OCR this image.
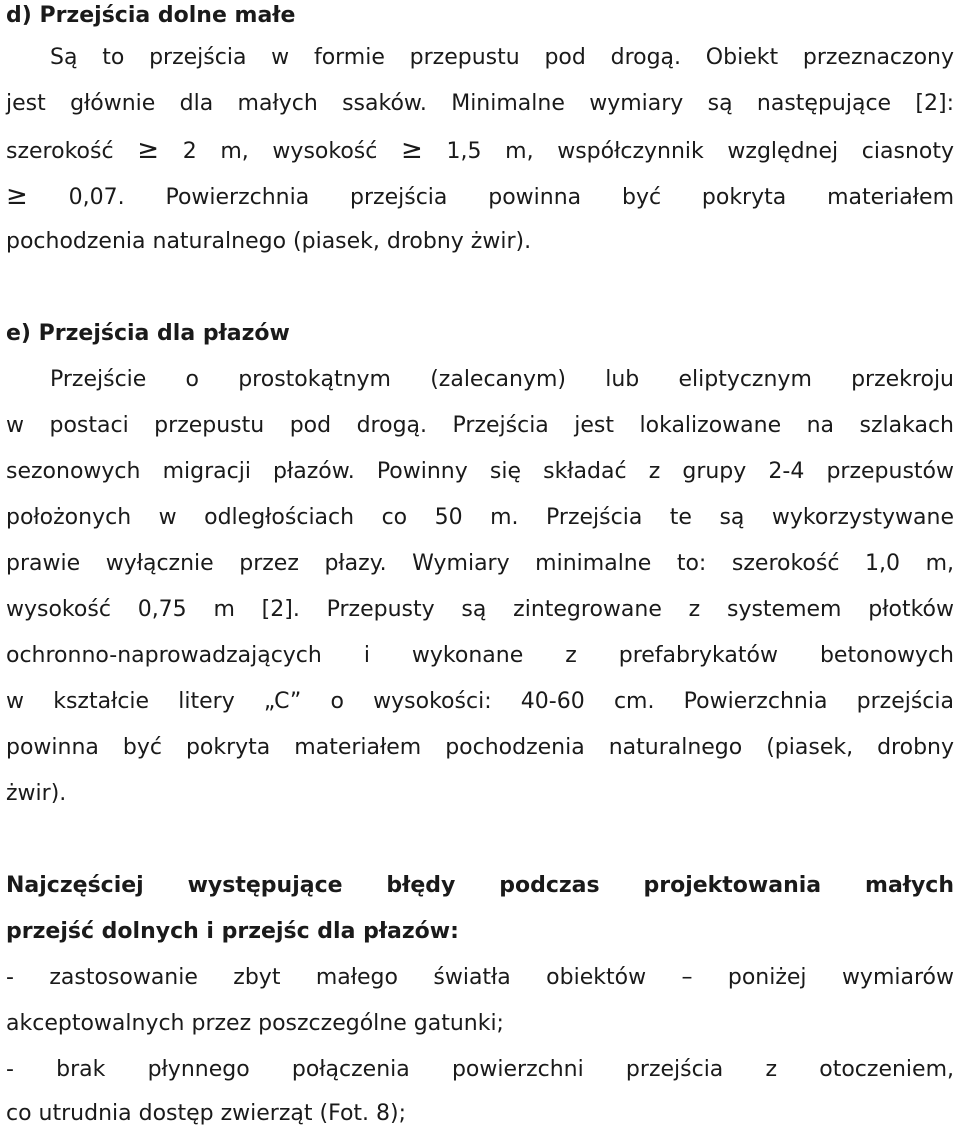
d) Przejścia dolne małe
Są to przejścia w formie przepustu pod drogą. Obiekt przeznaczony
jest głównie dla małych ssaków. Minimalne wymiary są następujące [2]:
szerokość ≥ 2 m, wysokość ≥ 1,5 m, współczynnik względnej ciasnoty
≥ 0,07. Powierzchnia przejścia powinna być pokryta materiałem
pochodzenia naturalnego (piasek, drobny żwir).
e) Przejścia dla płazów
Przejście o prostokątnym (zalecanym) lub eliptycznym przekroju
w postaci przepustu pod drogą. Przejścia jest lokalizowane na szlakach
sezonowych migracji płazów. Powinny się składać z grupy 2-4 przepustów
położonych w odległościach co 50 m. Przejścia te są wykorzystywane
prawie wyłącznie przez płazy. Wymiary minimalne to: szerokość 1,0 m,
wysokość 0,75 m [2]. Przepusty są zintegrowane z systemem płotków
ochronno-naprowadzających i wykonane z prefabrykatów betonowych
w kształcie litery „C” o wysokości: 40-60 cm. Powierzchnia przejścia
powinna być pokryta materiałem pochodzenia naturalnego (piasek, drobny
żwir).
Najczęściej występujące błędy podczas projektowania małych
przejść dolnych i przejśc dla płazów:
- zastosowanie zbyt małego światła obiektów – poniżej wymiarów
akceptowalnych przez poszczególne gatunki;
- brak płynnego połączenia powierzchni przejścia z otoczeniem,
co utrudnia dostęp zwierząt (Fot. 8);
